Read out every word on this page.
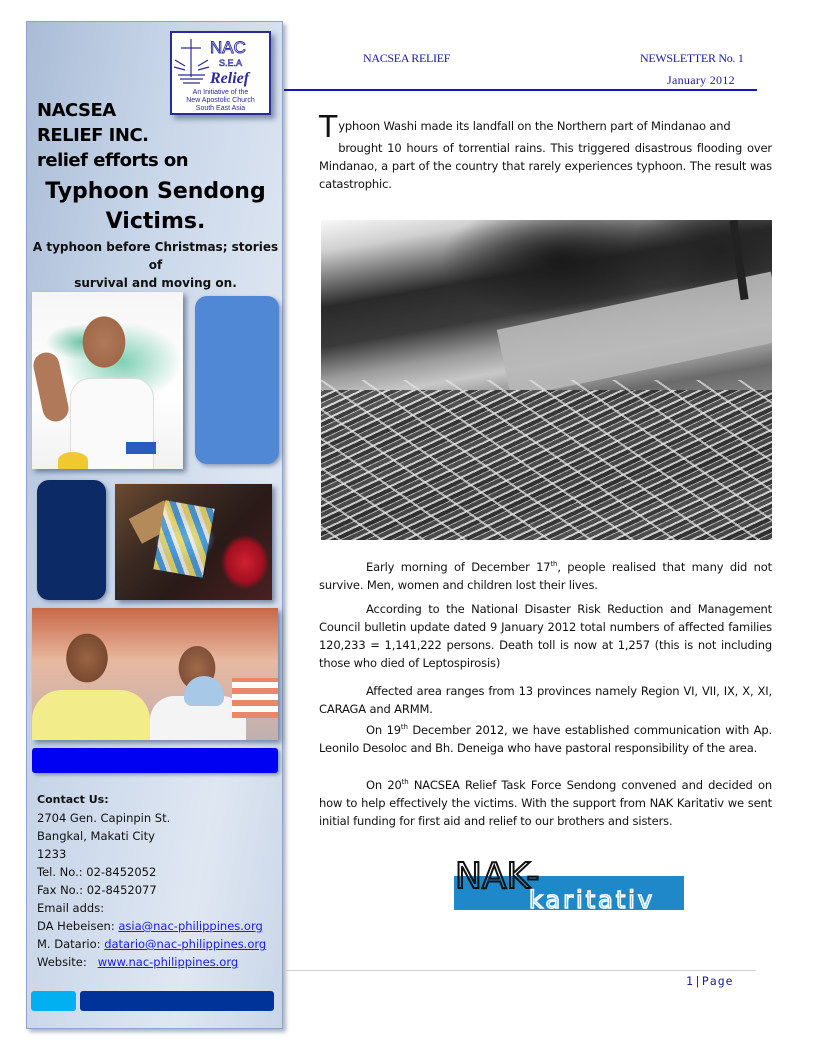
NAC
S.E.A
Relief
An Initiative of the
New Apostolic Church
South East Asia
NACSEA
RELIEF INC.
relief efforts on
Typhoon Sendong
Victims.
A typhoon before Christmas; stories of
survival and moving on.
Contact Us:
2704 Gen. Capinpin St.
Bangkal, Makati City
1233
Tel. No.: 02-8452052
Fax No.: 02-8452077
Email adds:
DA Hebeisen: asia@nac-philippines.org
M. Datario: datario@nac-philippines.org
Website:   www.nac-philippines.org
NACSEA RELIEF	NEWSLETTER No. 1
January 2012
T yphoon Washi made its landfall on the Northern part of Mindanao and
brought 10 hours of torrential rains. This triggered disastrous flooding over Mindanao, a part of the country that rarely experiences typhoon. The result was catastrophic.

Early morning of December 17th, people realised that many did not survive. Men, women and children lost their lives.

According to the National Disaster Risk Reduction and Management Council bulletin update dated 9 January 2012 total numbers of affected families 120,233 = 1,141,222 persons. Death toll is now at 1,257 (this is not including those who died of Leptospirosis)

Affected area ranges from 13 provinces namely Region VI, VII, IX, X, XI, CARAGA and ARMM.

On 19th December 2012, we have established communication with Ap. Leonilo Desoloc and Bh. Deneiga who have pastoral responsibility of the area.

On 20th NACSEA Relief Task Force Sendong convened and decided on how to help effectively the victims. With the support from NAK Karitativ we sent initial funding for first aid and relief to our brothers and sisters.

NAK-
karitativ
1|Page
